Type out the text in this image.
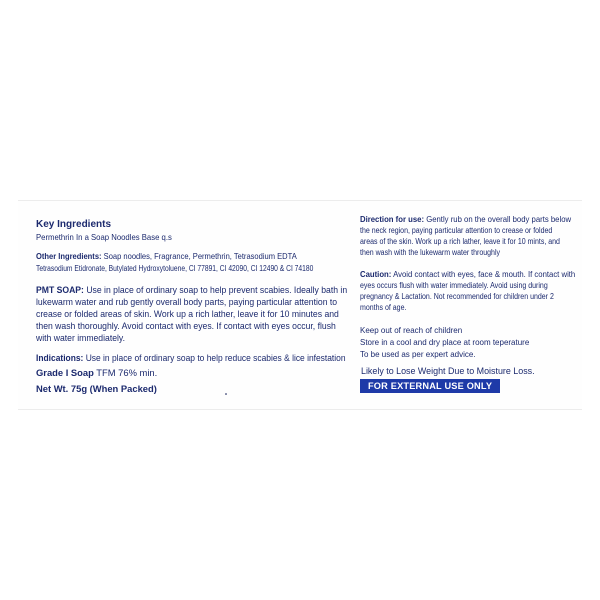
Key Ingredients
Permethrin In a Soap Noodles Base q.s
Other Ingredients: Soap noodles, Fragrance, Permethrin, Tetrasodium EDTA
Tetrasodium Etidronate, Butylated Hydroxytoluene, CI 77891, CI 42090, CI 12490 & CI 74180
PMT SOAP: Use in place of ordinary soap to help prevent scabies. Ideally bath in
lukewarm water and rub gently overall body parts, paying particular attention to
crease or folded areas of skin. Work up a rich lather, leave it for 10 minutes and
then wash thoroughly. Avoid contact with eyes. If contact with eyes occur, flush
with water immediately.
Indications: Use in place of ordinary soap to help reduce scabies & lice infestation
Grade I Soap TFM 76% min.
Net Wt. 75g (When Packed)
Direction for use: Gently rub on the overall body parts below
the neck region, paying particular attention to crease or folded
areas of the skin. Work up a rich lather, leave it for 10 mints, and
then wash with the lukewarm water throughly
Caution: Avoid contact with eyes, face & mouth. If contact with
eyes occurs flush with water immediately. Avoid using during
pregnancy & Lactation. Not recommended for children under 2
months of age.
Keep out of reach of children
Store in a cool and dry place at room teperature
To be used as per expert advice.
Likely to Lose Weight Due to Moisture Loss.
FOR EXTERNAL USE ONLY
